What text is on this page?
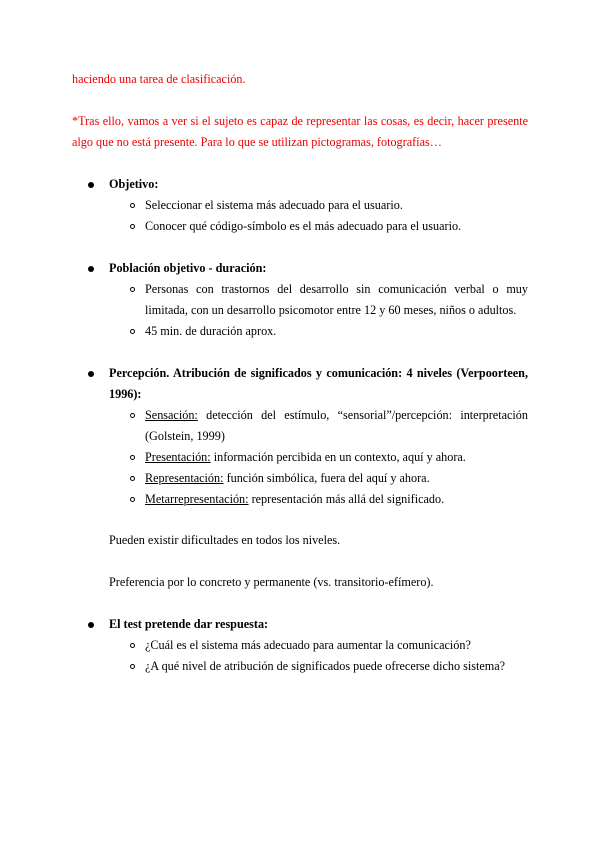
haciendo una tarea de clasificación.
*Tras ello, vamos a ver si el sujeto es capaz de representar las cosas, es decir, hacer presente algo que no está presente. Para lo que se utilizan pictogramas, fotografías…
Objetivo:
Seleccionar el sistema más adecuado para el usuario.
Conocer qué código-símbolo es el más adecuado para el usuario.
Población objetivo - duración:
Personas con trastornos del desarrollo sin comunicación verbal o muy limitada, con un desarrollo psicomotor entre 12 y 60 meses, niños o adultos.
45 min. de duración aprox.
Percepción. Atribución de significados y comunicación: 4 niveles (Verpoorteen, 1996):
Sensación: detección del estímulo, “sensorial”/percepción: interpretación (Golstein, 1999)
Presentación: información percibida en un contexto, aquí y ahora.
Representación: función simbólica, fuera del aquí y ahora.
Metarrepresentación: representación más allá del significado.
Pueden existir dificultades en todos los niveles.
Preferencia por lo concreto y permanente (vs. transitorio-efímero).
El test pretende dar respuesta:
¿Cuál es el sistema más adecuado para aumentar la comunicación?
¿A qué nivel de atribución de significados puede ofrecerse dicho sistema?
